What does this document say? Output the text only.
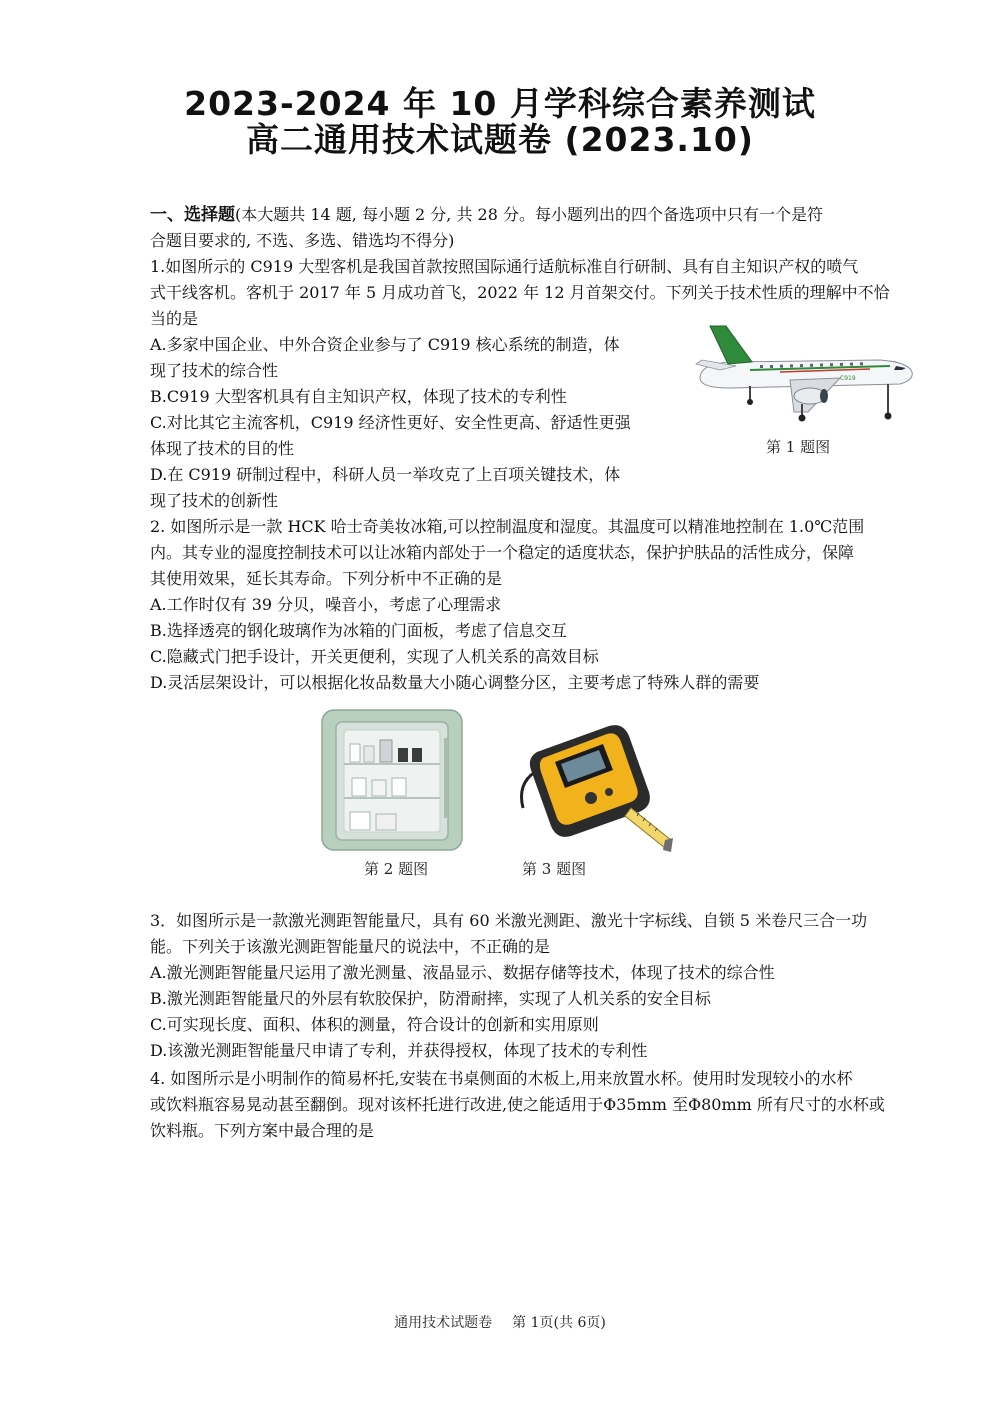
2023-2024 年 10 月学科综合素养测试
高二通用技术试题卷 (2023.10)
一、选择题(本大题共 14 题, 每小题 2 分, 共 28 分。每小题列出的四个备选项中只有一个是符
合题目要求的, 不选、多选、错选均不得分)
1.如图所示的 C919 大型客机是我国首款按照国际通行适航标准自行研制、具有自主知识产权的喷气
式干线客机。客机于 2017 年 5 月成功首飞，2022 年 12 月首架交付。下列关于技术性质的理解中不恰
当的是
A.多家中国企业、中外合资企业参与了 C919 核心系统的制造，体
现了技术的综合性
B.C919 大型客机具有自主知识产权，体现了技术的专利性
C.对比其它主流客机，C919 经济性更好、安全性更高、舒适性更强
体现了技术的目的性
D.在 C919 研制过程中，科研人员一举攻克了上百项关键技术，体
现了技术的创新性
C919
第 1 题图
2. 如图所示是一款 HCK 哈士奇美妆冰箱,可以控制温度和湿度。其温度可以精准地控制在 1.0℃范围
内。其专业的湿度控制技术可以让冰箱内部处于一个稳定的适度状态，保护护肤品的活性成分，保障
其使用效果，延长其寿命。下列分析中不正确的是
A.工作时仅有 39 分贝，噪音小，考虑了心理需求
B.选择透亮的钢化玻璃作为冰箱的门面板，考虑了信息交互
C.隐藏式门把手设计，开关更便利，实现了人机关系的高效目标
D.灵活层架设计，可以根据化妆品数量大小随心调整分区，主要考虑了特殊人群的需要
第 2 题图	第 3 题图
3．如图所示是一款激光测距智能量尺，具有 60 米激光测距、激光十字标线、自锁 5 米卷尺三合一功
能。下列关于该激光测距智能量尺的说法中，不正确的是
A.激光测距智能量尺运用了激光测量、液晶显示、数据存储等技术，体现了技术的综合性
B.激光测距智能量尺的外层有软胶保护，防滑耐摔，实现了人机关系的安全目标
C.可实现长度、面积、体积的测量，符合设计的创新和实用原则
D.该激光测距智能量尺申请了专利，并获得授权，体现了技术的专利性
4. 如图所示是小明制作的简易杯托,安装在书桌侧面的木板上,用来放置水杯。使用时发现较小的水杯
或饮料瓶容易晃动甚至翻倒。现对该杯托进行改进,使之能适用于Φ35mm 至Φ80mm 所有尺寸的水杯或
饮料瓶。下列方案中最合理的是
通用技术试题卷 第 1页(共 6页)
